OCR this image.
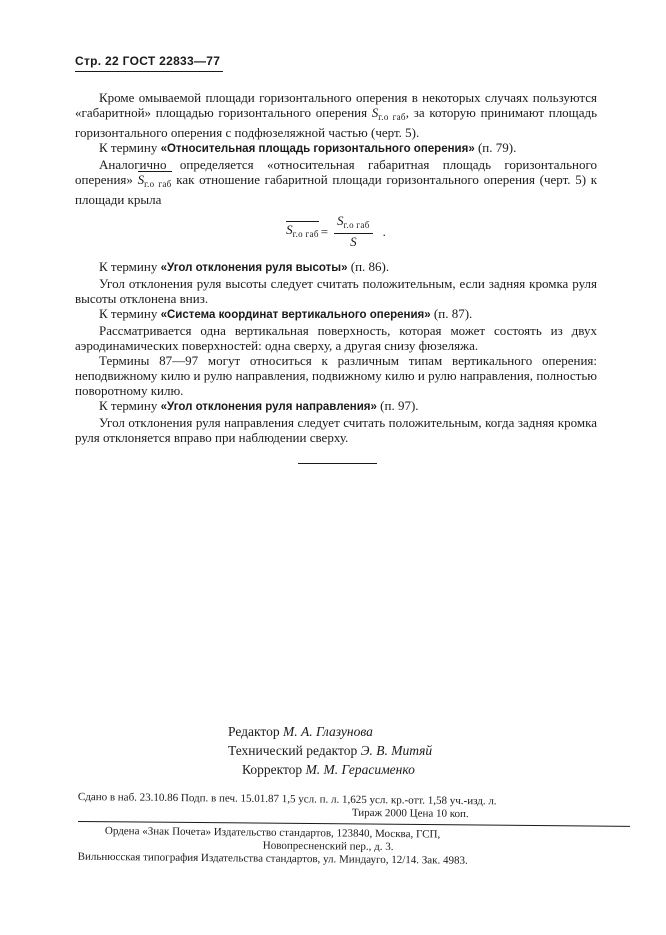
Стр. 22 ГОСТ 22833—77

Кроме омываемой площади горизонтального оперения в некоторых случаях пользуются «габаритной» площадью горизонтального оперения $S_{г.о габ}$, за которую принимают площадь горизонтального оперения с подфюзеляжной частью (черт. 5).

К термину «Относительная площадь горизонтального оперения» (п. 79).

Аналогично определяется «относительная габаритная площадь горизонтального оперения» $S_{г.о габ}$ как отношение габаритной площади горизонтального оперения (черт. 5) к площади крыла

$S_{г.о габ} = \frac{S_{г.о габ}}{S}$ .

К термину «Угол отклонения руля высоты» (п. 86).

Угол отклонения руля высоты следует считать положительным, если задняя кромка руля высоты отклонена вниз.

К термину «Система координат вертикального оперения» (п. 87).

Рассматривается одна вертикальная поверхность, которая может состоять из двух аэродинамических поверхностей: одна сверху, а другая снизу фюзеляжа.

Термины 87—97 могут относиться к различным типам вертикального оперения: неподвижному килю и рулю направления, подвижному килю и рулю направления, полностью поворотному килю.

К термину «Угол отклонения руля направления» (п. 97).

Угол отклонения руля направления следует считать положительным, когда задняя кромка руля отклоняется вправо при наблюдении сверху.

Редактор М. А. Глазунова
Технический редактор Э. В. Митяй
Корректор М. М. Герасименко
Сдано в наб. 23.10.86 Подп. в печ. 15.01.87 1,5 усл. п. л. 1,625 усл. кр.-отт. 1,58 уч.-изд. л.
Тираж 2000 Цена 10 коп.
Ордена «Знак Почета» Издательство стандартов, 123840, Москва, ГСП,
Новопресненский пер., д. 3.
Вильнюсская типография Издательства стандартов, ул. Миндауго, 12/14. Зак. 4983.
